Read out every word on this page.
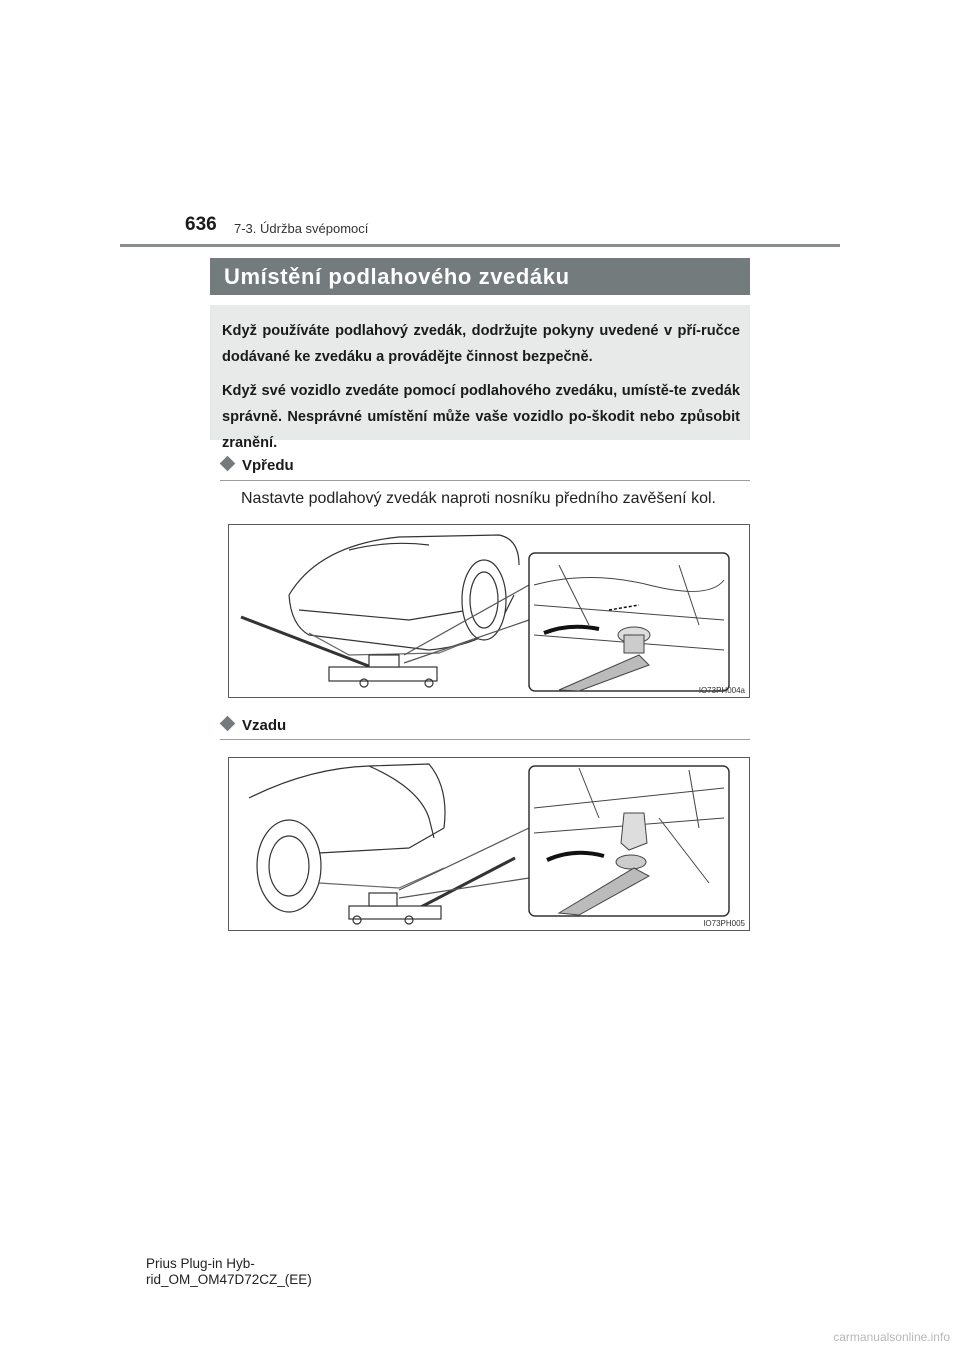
636 7-3. Údržba svépomocí
Umístění podlahového zvedáku

Když používáte podlahový zvedák, dodržujte pokyny uvedené v pří-ručce dodávané ke zvedáku a provádějte činnost bezpečně.

Když své vozidlo zvedáte pomocí podlahového zvedáku, umístě-te zvedák správně. Nesprávné umístění může vaše vozidlo po-škodit nebo způsobit zranění.

Vpředu
Nastavte podlahový zvedák naproti nosníku předního zavěšení kol.
IO73PH004a
Vzadu
IO73PH005
Prius Plug-in Hyb-
rid_OM_OM47D72CZ_(EE)
carmanualsonline.info
